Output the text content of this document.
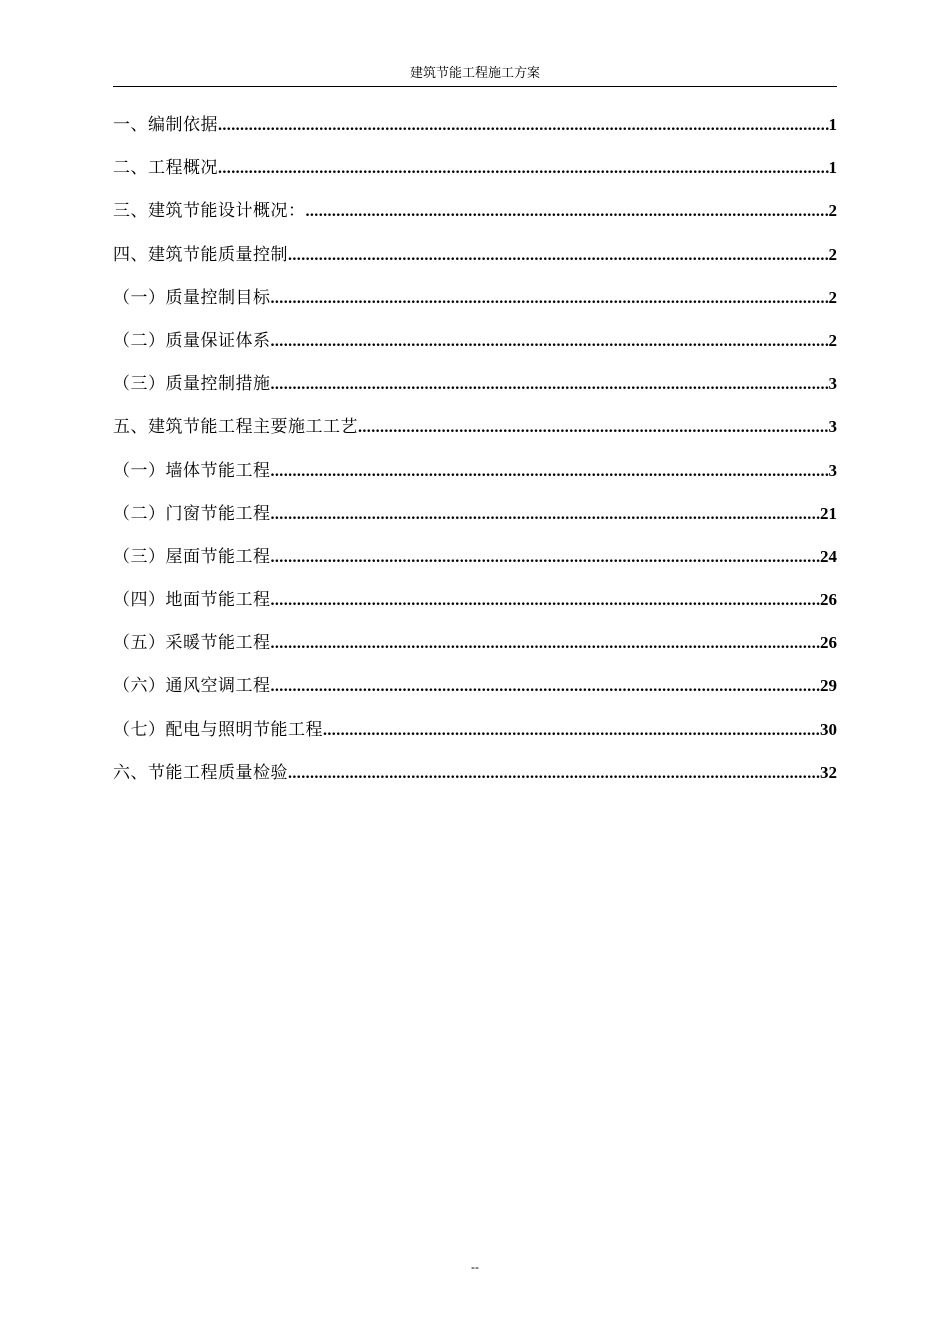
建筑节能工程施工方案
一、编制依据 .....	1
二、工程概况 .....	1
三、建筑节能设计概况： .....	2
四、建筑节能质量控制 .....	2
（一）质量控制目标 .....	2
（二）质量保证体系 .....	2
（三）质量控制措施 .....	3
五、建筑节能工程主要施工工艺 .....	3
（一）墙体节能工程 .....	3
（二）门窗节能工程 .....	21
（三）屋面节能工程 .....	24
（四）地面节能工程 .....	26
（五）采暖节能工程 .....	26
（六）通风空调工程 .....	29
（七）配电与照明节能工程 .....	30
六、节能工程质量检验 .....	32
--
